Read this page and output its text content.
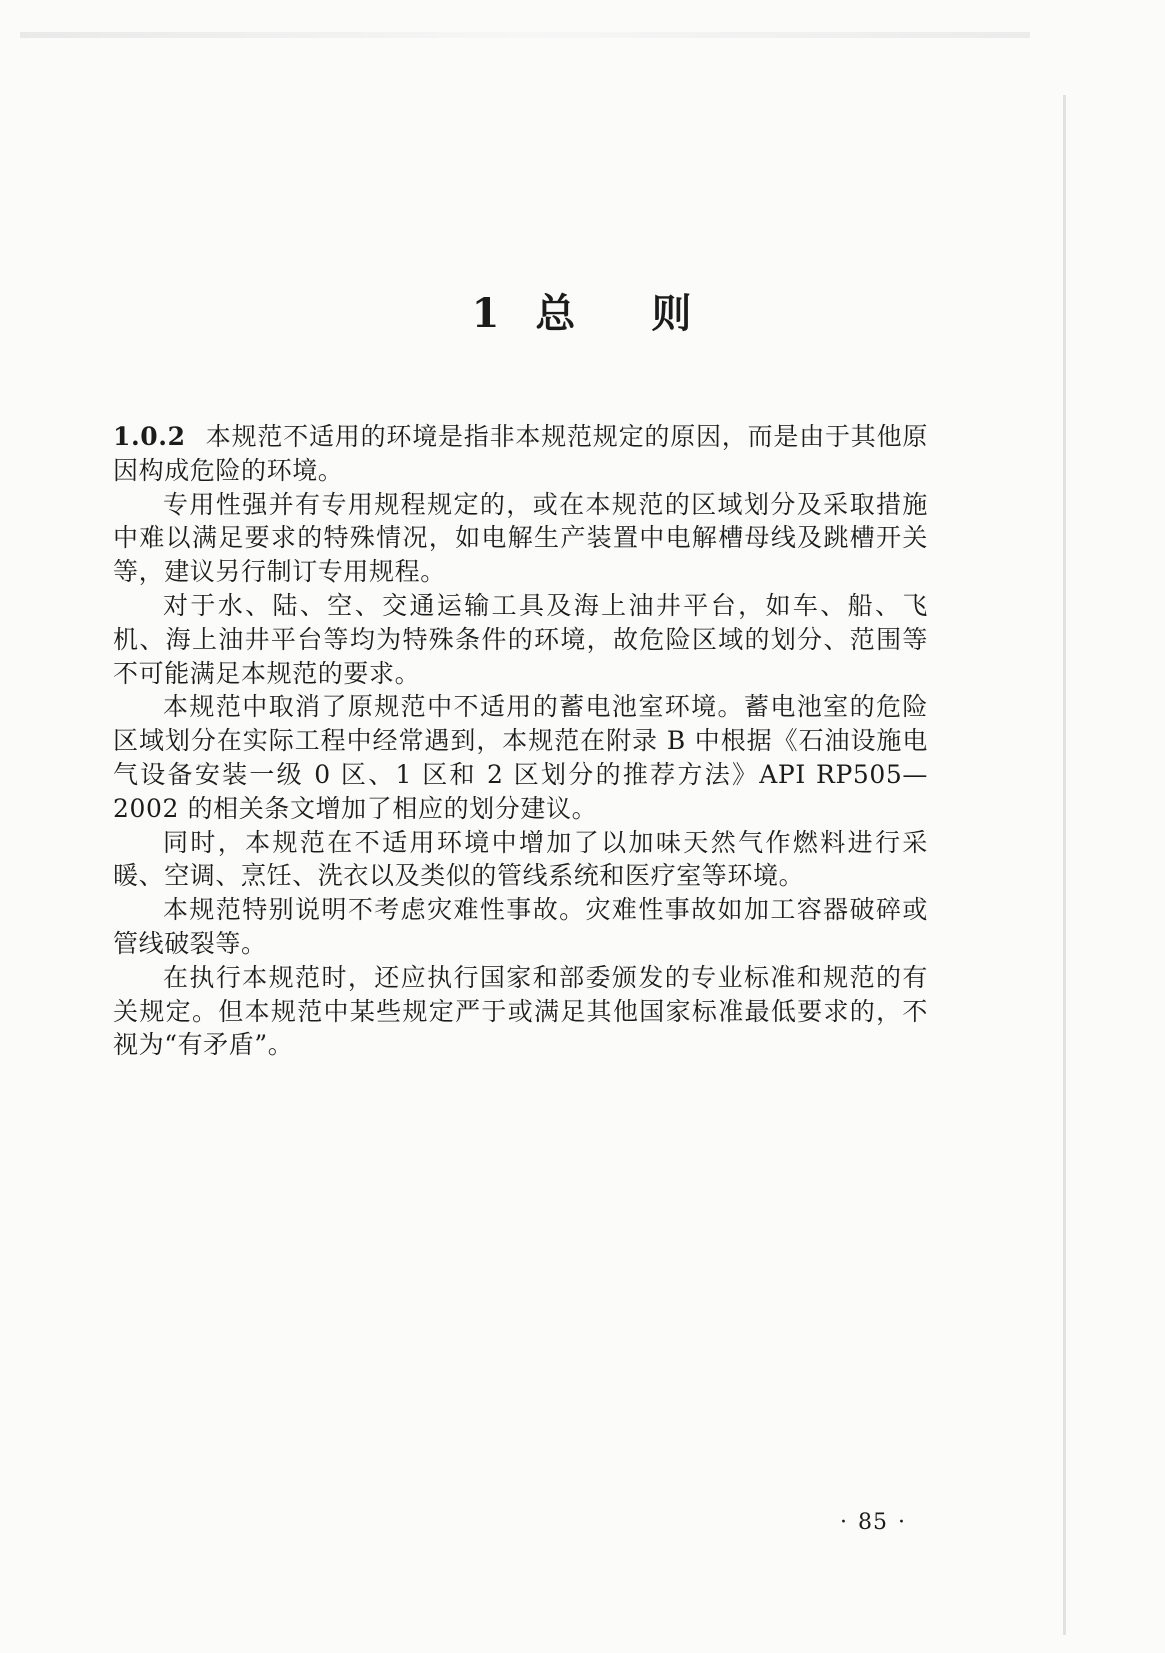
1 总 则

1.0.2 本规范不适用的环境是指非本规范规定的原因，而是由于其他原因构成危险的环境。

专用性强并有专用规程规定的，或在本规范的区域划分及采取措施中难以满足要求的特殊情况，如电解生产装置中电解槽母线及跳槽开关等，建议另行制订专用规程。

对于水、陆、空、交通运输工具及海上油井平台，如车、船、飞机、海上油井平台等均为特殊条件的环境，故危险区域的划分、范围等不可能满足本规范的要求。

本规范中取消了原规范中不适用的蓄电池室环境。蓄电池室的危险区域划分在实际工程中经常遇到，本规范在附录 B 中根据《石油设施电气设备安装一级 0 区、1 区和 2 区划分的推荐方法》API RP505—2002 的相关条文增加了相应的划分建议。

同时，本规范在不适用环境中增加了以加味天然气作燃料进行采暖、空调、烹饪、洗衣以及类似的管线系统和医疗室等环境。

本规范特别说明不考虑灾难性事故。灾难性事故如加工容器破碎或管线破裂等。

在执行本规范时，还应执行国家和部委颁发的专业标准和规范的有关规定。但本规范中某些规定严于或满足其他国家标准最低要求的，不视为“有矛盾”。

· 85 ·
